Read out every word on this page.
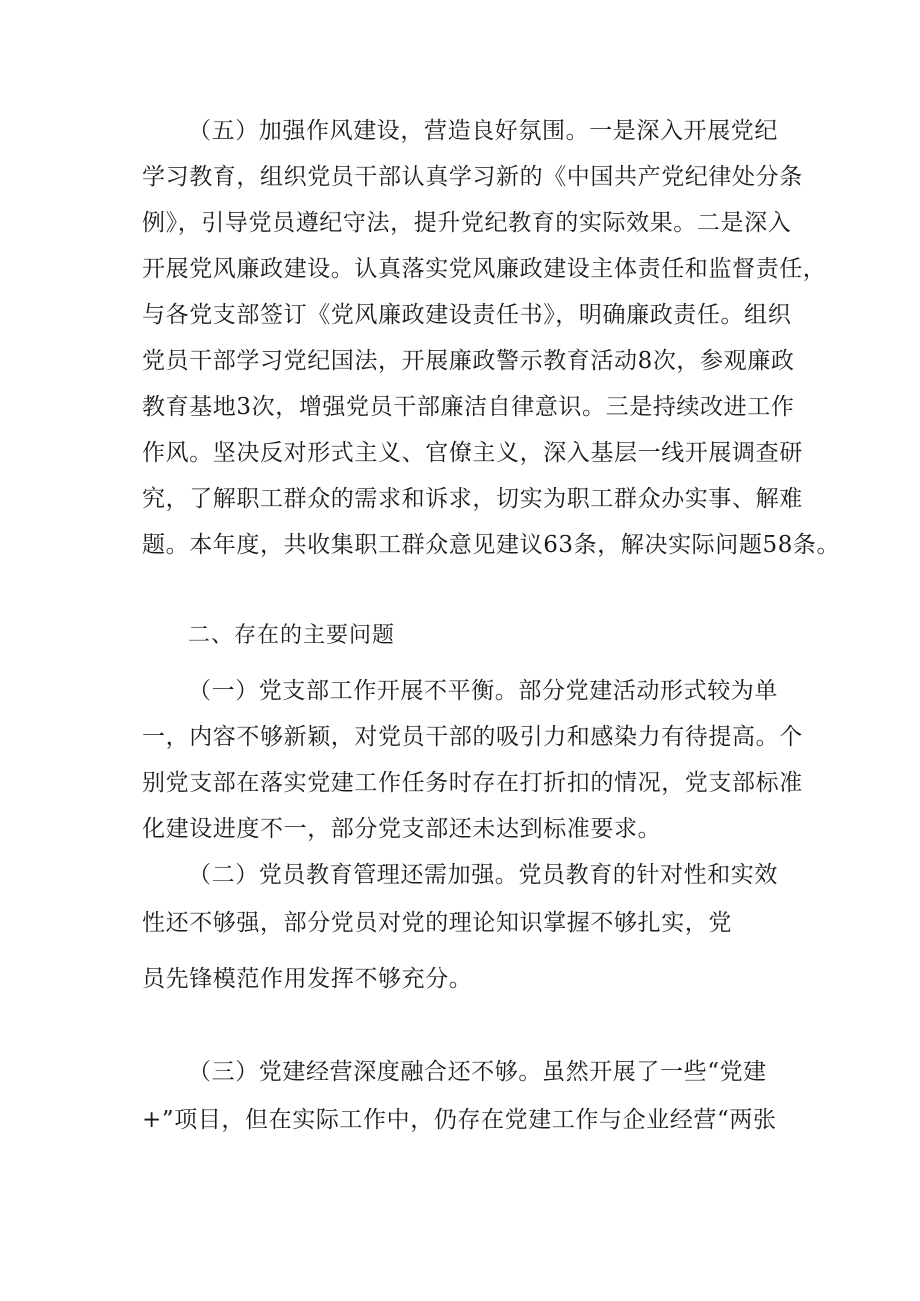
（五）加强作风建设，营造良好氛围。一是深入开展党纪

学习教育，组织党员干部认真学习新的《中国共产党纪律处分条

例》，引导党员遵纪守法，提升党纪教育的实际效果。二是深入

开展党风廉政建设。认真落实党风廉政建设主体责任和监督责任，

与各党支部签订《党风廉政建设责任书》，明确廉政责任。组织

党员干部学习党纪国法，开展廉政警示教育活动8次，参观廉政

教育基地3次，增强党员干部廉洁自律意识。三是持续改进工作

作风。坚决反对形式主义、官僚主义，深入基层一线开展调查研

究，了解职工群众的需求和诉求，切实为职工群众办实事、解难

题。本年度，共收集职工群众意见建议63条，解决实际问题58条。

二、存在的主要问题

（一）党支部工作开展不平衡。部分党建活动形式较为单

一，内容不够新颖，对党员干部的吸引力和感染力有待提高。个

别党支部在落实党建工作任务时存在打折扣的情况，党支部标准

化建设进度不一，部分党支部还未达到标准要求。

（二）党员教育管理还需加强。党员教育的针对性和实效

性还不够强，部分党员对党的理论知识掌握不够扎实，党

员先锋模范作用发挥不够充分。

（三）党建经营深度融合还不够。虽然开展了一些“党建

+”项目，但在实际工作中，仍存在党建工作与企业经营“两张
